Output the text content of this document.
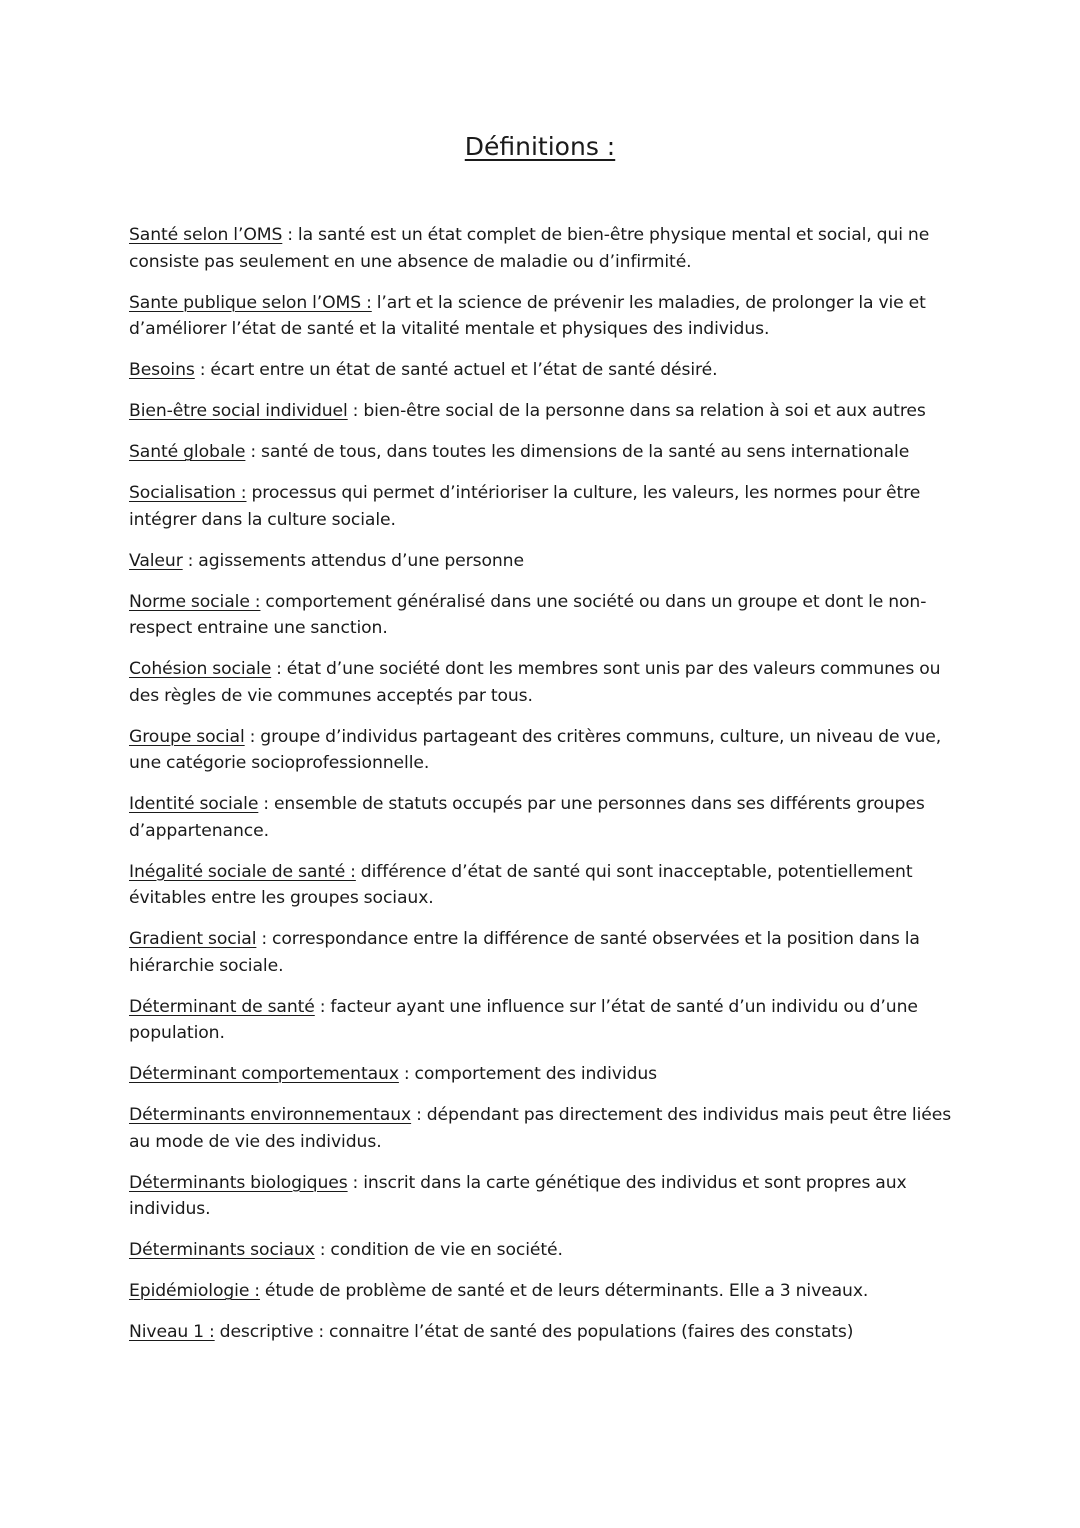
Définitions :
Santé selon l’OMS : la santé est un état complet de bien-être physique mental et social, qui ne consiste pas seulement en une absence de maladie ou d’infirmité.
Sante publique selon l’OMS : l’art et la science de prévenir les maladies, de prolonger la vie et d’améliorer l’état de santé et la vitalité mentale et physiques des individus.
Besoins : écart entre un état de santé actuel et l’état de santé désiré.
Bien-être social individuel : bien-être social de la personne dans sa relation à soi et aux autres
Santé globale : santé de tous, dans toutes les dimensions de la santé au sens internationale
Socialisation : processus qui permet d’intérioriser la culture, les valeurs, les normes pour être intégrer dans la culture sociale.
Valeur : agissements attendus d’une personne
Norme sociale : comportement généralisé dans une société ou dans un groupe et dont le non-respect entraine une sanction.
Cohésion sociale : état d’une société dont les membres sont unis par des valeurs communes ou des règles de vie communes acceptés par tous.
Groupe social : groupe d’individus partageant des critères communs, culture, un niveau de vue, une catégorie socioprofessionnelle.
Identité sociale : ensemble de statuts occupés par une personnes dans ses différents groupes d’appartenance.
Inégalité sociale de santé : différence d’état de santé qui sont inacceptable, potentiellement évitables entre les groupes sociaux.
Gradient social : correspondance entre la différence de santé observées et la position dans la hiérarchie sociale.
Déterminant de santé : facteur ayant une influence sur l’état de santé d’un individu ou d’une population.
Déterminant comportementaux : comportement des individus
Déterminants environnementaux : dépendant pas directement des individus mais peut être liées au mode de vie des individus.
Déterminants biologiques : inscrit dans la carte génétique des individus et sont propres aux individus.
Déterminants sociaux : condition de vie en société.
Epidémiologie : étude de problème de santé et de leurs déterminants. Elle a 3 niveaux.
Niveau 1 : descriptive : connaitre l’état de santé des populations (faires des constats)
